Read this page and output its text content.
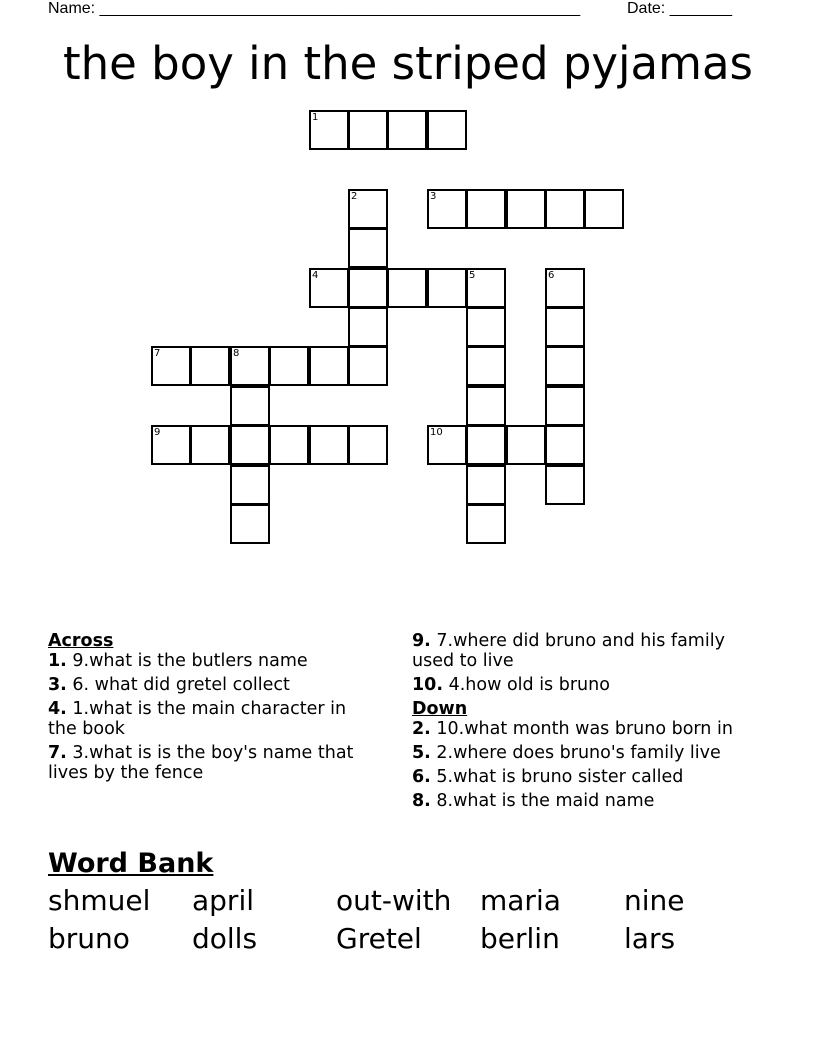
Name: ______________________________________________________	Date: _______
the boy in the striped pyjamas
1
2	3
4	5	6
7	8
9	10
Across
1. 9.what is the butlers name
3. 6. what did gretel collect
4. 1.what is the main character in the book
7. 3.what is is the boy's name that lives by the fence
9. 7.where did bruno and his family used to live
10. 4.how old is bruno
Down
2. 10.what month was bruno born in
5. 2.where does bruno's family live
6. 5.what is bruno sister called
8. 8.what is the maid name
Word Bank
shmuel april	out-with maria nine
bruno dolls	Gretel berlin lars
